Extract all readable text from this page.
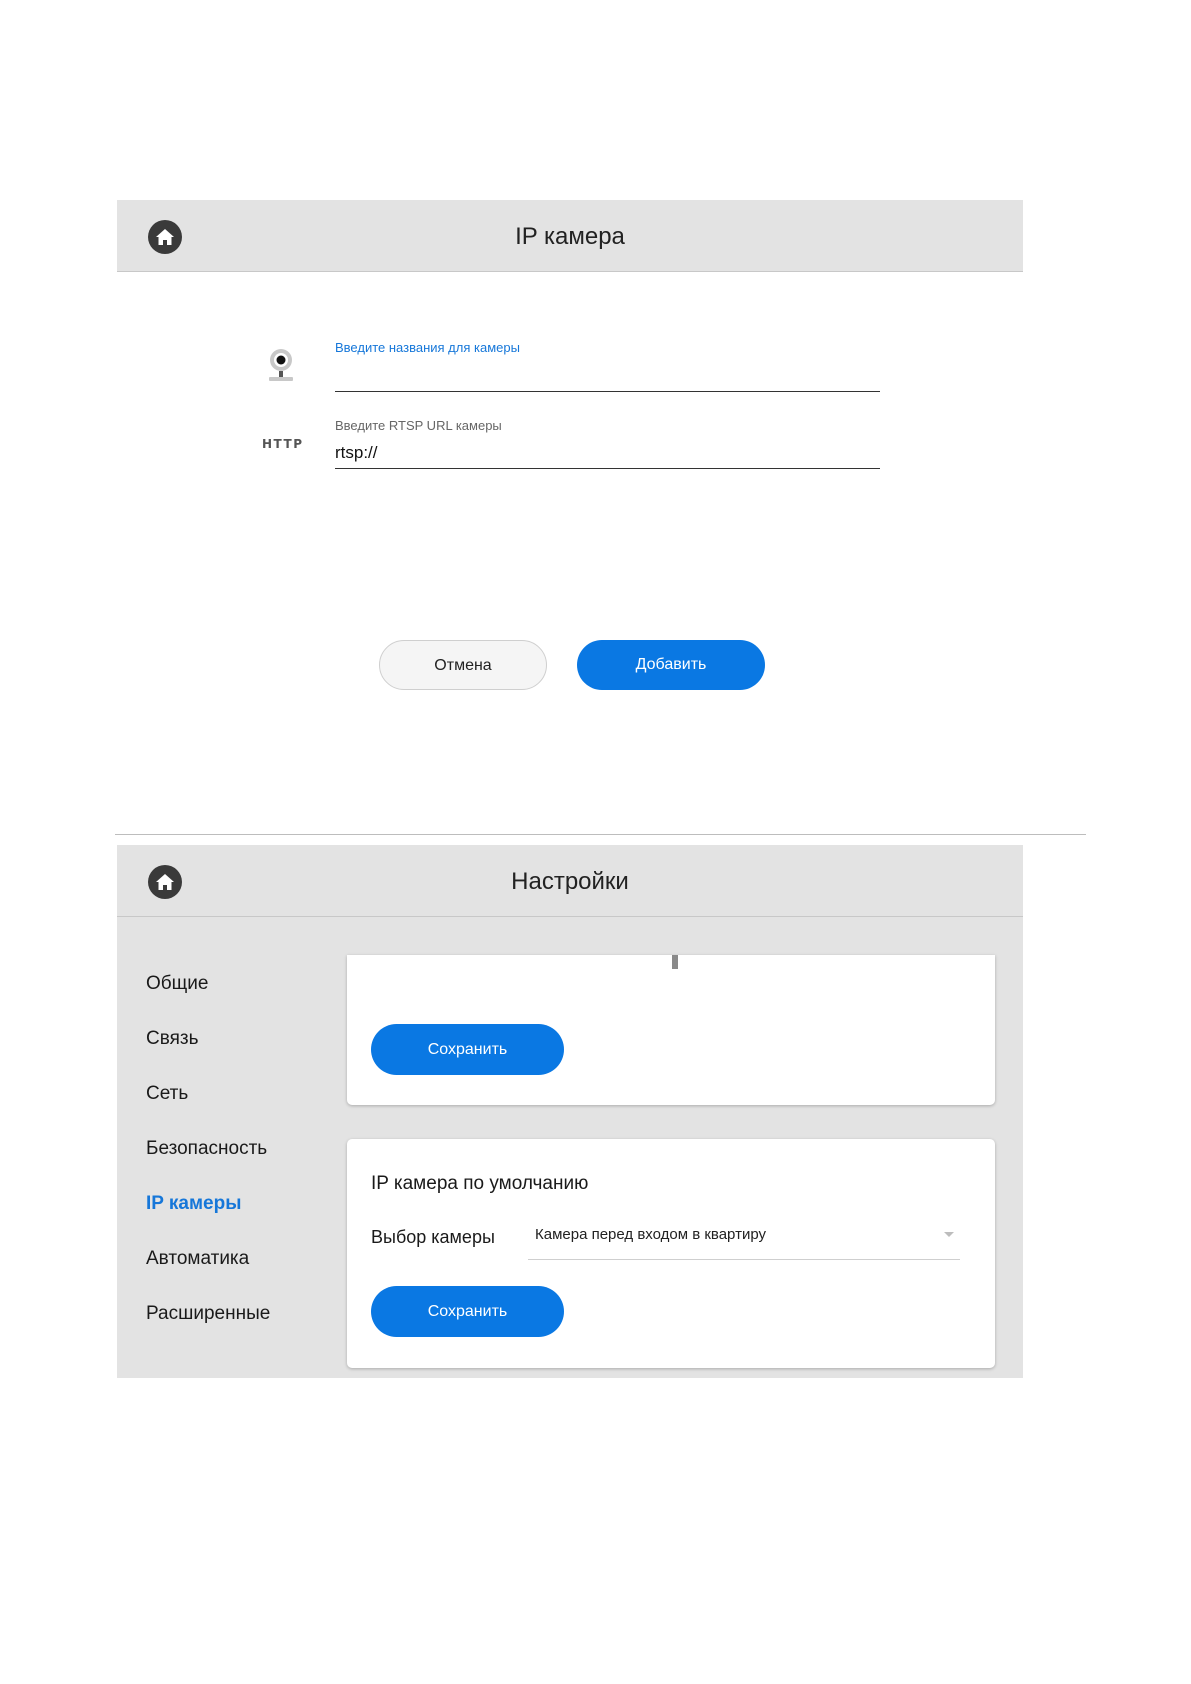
IP камера
Введите названия для камеры
HTTP
Введите RTSP URL камеры
rtsp://
Отмена	Добавить
Настройки
Общие
Связь
Сеть
Безопасность
IP камеры
Автоматика
Расширенные
Сохранить
IP камера по умолчанию
Выбор камеры	Камера перед входом в квартиру
Сохранить
